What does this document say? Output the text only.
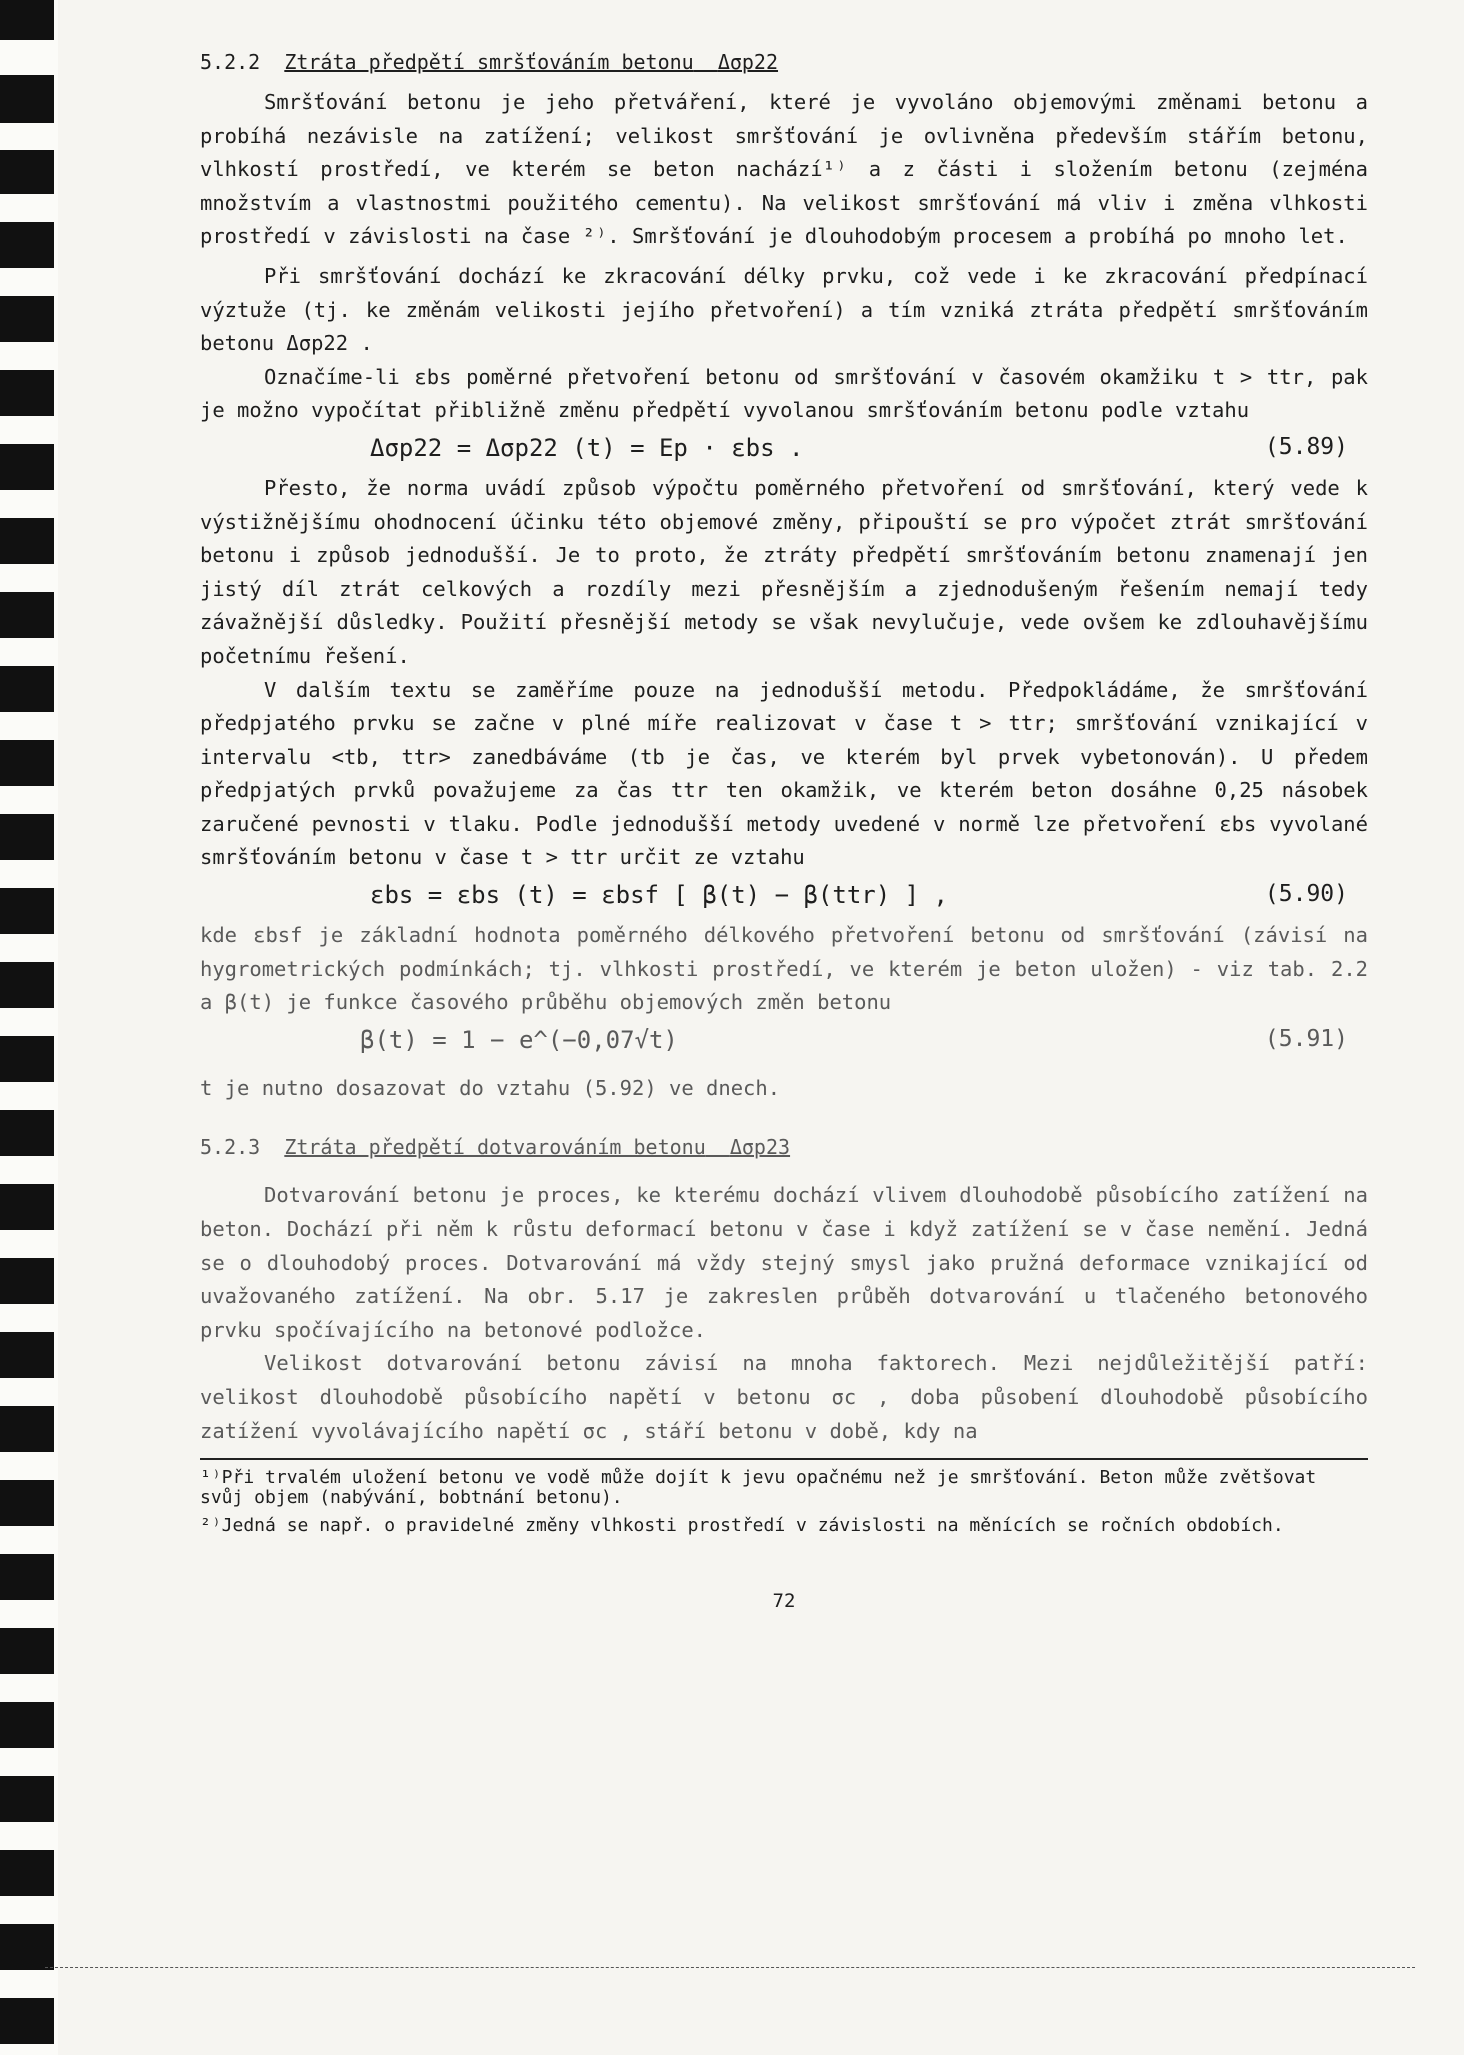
5.2.2 Ztráta předpětí smršťováním betonu Δσp22
Smršťování betonu je jeho přetváření, které je vyvoláno objemovými změnami betonu a probíhá nezávisle na zatížení; velikost smršťování je ovlivněna především stářím betonu, vlhkostí prostředí, ve kterém se beton nachází¹⁾ a z části i složením betonu (zejména množstvím a vlastnostmi použitého cementu). Na velikost smršťování má vliv i změna vlhkosti prostředí v závislosti na čase ²⁾. Smršťování je dlouhodobým procesem a probíhá po mnoho let.
Při smršťování dochází ke zkracování délky prvku, což vede i ke zkracování předpínací výztuže (tj. ke změnám velikosti jejího přetvoření) a tím vzniká ztráta předpětí smršťováním betonu Δσp22 .
Označíme-li εbs poměrné přetvoření betonu od smršťování v časovém okamžiku t > ttr, pak je možno vypočítat přibližně změnu předpětí vyvolanou smršťováním betonu podle vztahu
Δσp22 = Δσp22 (t) = Ep · εbs .	(5.89)
Přesto, že norma uvádí způsob výpočtu poměrného přetvoření od smršťování, který vede k výstižnějšímu ohodnocení účinku této objemové změny, připouští se pro výpočet ztrát smršťování betonu i způsob jednodušší. Je to proto, že ztráty předpětí smršťováním betonu znamenají jen jistý díl ztrát celkových a rozdíly mezi přesnějším a zjednodušeným řešením nemají tedy závažnější důsledky. Použití přesnější metody se však nevylučuje, vede ovšem ke zdlouhavějšímu početnímu řešení.
V dalším textu se zaměříme pouze na jednodušší metodu. Předpokládáme, že smršťování předpjatého prvku se začne v plné míře realizovat v čase t > ttr; smršťování vznikající v intervalu <tb, ttr> zanedbáváme (tb je čas, ve kterém byl prvek vybetonován). U předem předpjatých prvků považujeme za čas ttr ten okamžik, ve kterém beton dosáhne 0,25 násobek zaručené pevnosti v tlaku. Podle jednodušší metody uvedené v normě lze přetvoření εbs vyvolané smršťováním betonu v čase t > ttr určit ze vztahu
εbs = εbs (t) = εbsf [ β(t) − β(ttr) ] ,	(5.90)
kde εbsf je základní hodnota poměrného délkového přetvoření betonu od smršťování (závisí na hygrometrických podmínkách; tj. vlhkosti prostředí, ve kterém je beton uložen) - viz tab. 2.2 a β(t) je funkce časového průběhu objemových změn betonu
β(t) = 1 − e^(−0,07√t)	(5.91)
t je nutno dosazovat do vztahu (5.92) ve dnech.
5.2.3 Ztráta předpětí dotvarováním betonu Δσp23
Dotvarování betonu je proces, ke kterému dochází vlivem dlouhodobě působícího zatížení na beton. Dochází při něm k růstu deformací betonu v čase i když zatížení se v čase nemění. Jedná se o dlouhodobý proces. Dotvarování má vždy stejný smysl jako pružná deformace vznikající od uvažovaného zatížení. Na obr. 5.17 je zakreslen průběh dotvarování u tlačeného betonového prvku spočívajícího na betonové podložce.
Velikost dotvarování betonu závisí na mnoha faktorech. Mezi nejdůležitější patří: velikost dlouhodobě působícího napětí v betonu σc , doba působení dlouhodobě působícího zatížení vyvolávajícího napětí σc , stáří betonu v době, kdy na
¹⁾Při trvalém uložení betonu ve vodě může dojít k jevu opačnému než je smršťování. Beton může zvětšovat svůj objem (nabývání, bobtnání betonu).
²⁾Jedná se např. o pravidelné změny vlhkosti prostředí v závislosti na měnících se ročních obdobích.
72
